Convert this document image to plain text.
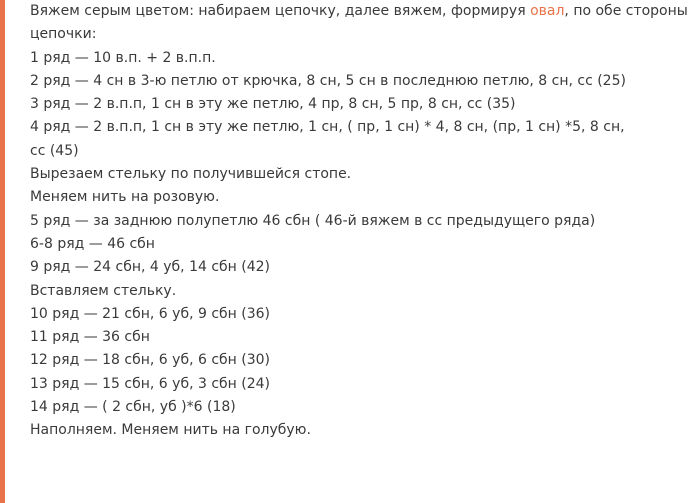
Вяжем серым цветом: набираем цепочку, далее вяжем, формируя овал, по обе стороны цепочки:
1 ряд — 10 в.п. + 2 в.п.п.
2 ряд — 4 сн в 3-ю петлю от крючка, 8 сн, 5 сн в последнюю петлю, 8 сн, сс (25)
3 ряд — 2 в.п.п, 1 сн в эту же петлю, 4 пр, 8 сн, 5 пр, 8 сн, сс (35)
4 ряд — 2 в.п.п, 1 сн в эту же петлю, 1 сн, ( пр, 1 сн) * 4, 8 сн, (пр, 1 сн) *5, 8 сн,
сс (45)
Вырезаем стельку по получившейся стопе.
Меняем нить на розовую.
5 ряд — за заднюю полупетлю 46 сбн ( 46-й вяжем в сс предыдущего ряда)
6-8 ряд — 46 сбн
9 ряд — 24 сбн, 4 уб, 14 сбн (42)
Вставляем стельку.
10 ряд — 21 сбн, 6 уб, 9 сбн (36)
11 ряд — 36 сбн
12 ряд — 18 сбн, 6 уб, 6 сбн (30)
13 ряд — 15 сбн, 6 уб, 3 сбн (24)
14 ряд — ( 2 сбн, уб )*6 (18)
Наполняем. Меняем нить на голубую.
